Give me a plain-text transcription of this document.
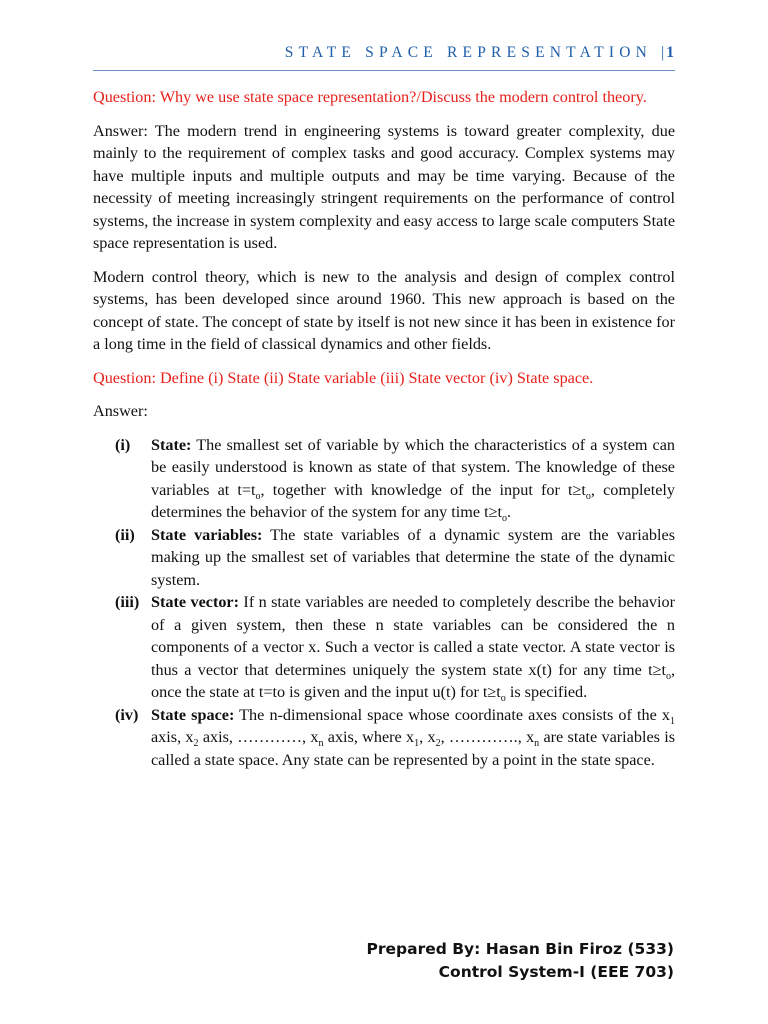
STATE SPACE REPRESENTATION |1

Question: Why we use state space representation?/Discuss the modern control theory.

Answer: The modern trend in engineering systems is toward greater complexity, due mainly to the requirement of complex tasks and good accuracy. Complex systems may have multiple inputs and multiple outputs and may be time varying. Because of the necessity of meeting increasingly stringent requirements on the performance of control systems, the increase in system complexity and easy access to large scale computers State space representation is used.

Modern control theory, which is new to the analysis and design of complex control systems, has been developed since around 1960. This new approach is based on the concept of state. The concept of state by itself is not new since it has been in existence for a long time in the field of classical dynamics and other fields.

Question: Define (i) State (ii) State variable (iii) State vector (iv) State space.

Answer:

(i)	State: The smallest set of variable by which the characteristics of a system can be easily understood is known as state of that system. The knowledge of these variables at $t=t_o$, together with knowledge of the input for $t\ge t_o$, completely determines the behavior of the system for any time $t\ge t_o$.
(ii)	State variables: The state variables of a dynamic system are the variables making up the smallest set of variables that determine the state of the dynamic system.
(iii) State vector: If n state variables are needed to completely describe the behavior of a given system, then these n state variables can be considered the n components of a vector x. Such a vector is called a state vector. A state vector is thus a vector that determines uniquely the system state x(t) for any time $t\ge t_o$, once the state at t=to is given and the input u(t) for $t\ge t_o$ is specified.
(iv) State space: The n-dimensional space whose coordinate axes consists of the $x_1$ axis, $x_2$ axis, …………, $x_n$ axis, where $x_1$, $x_2$, …………., $x_n$ are state variables is called a state space. Any state can be represented by a point in the state space.
Prepared By: Hasan Bin Firoz (533)
Control System-I (EEE 703)
